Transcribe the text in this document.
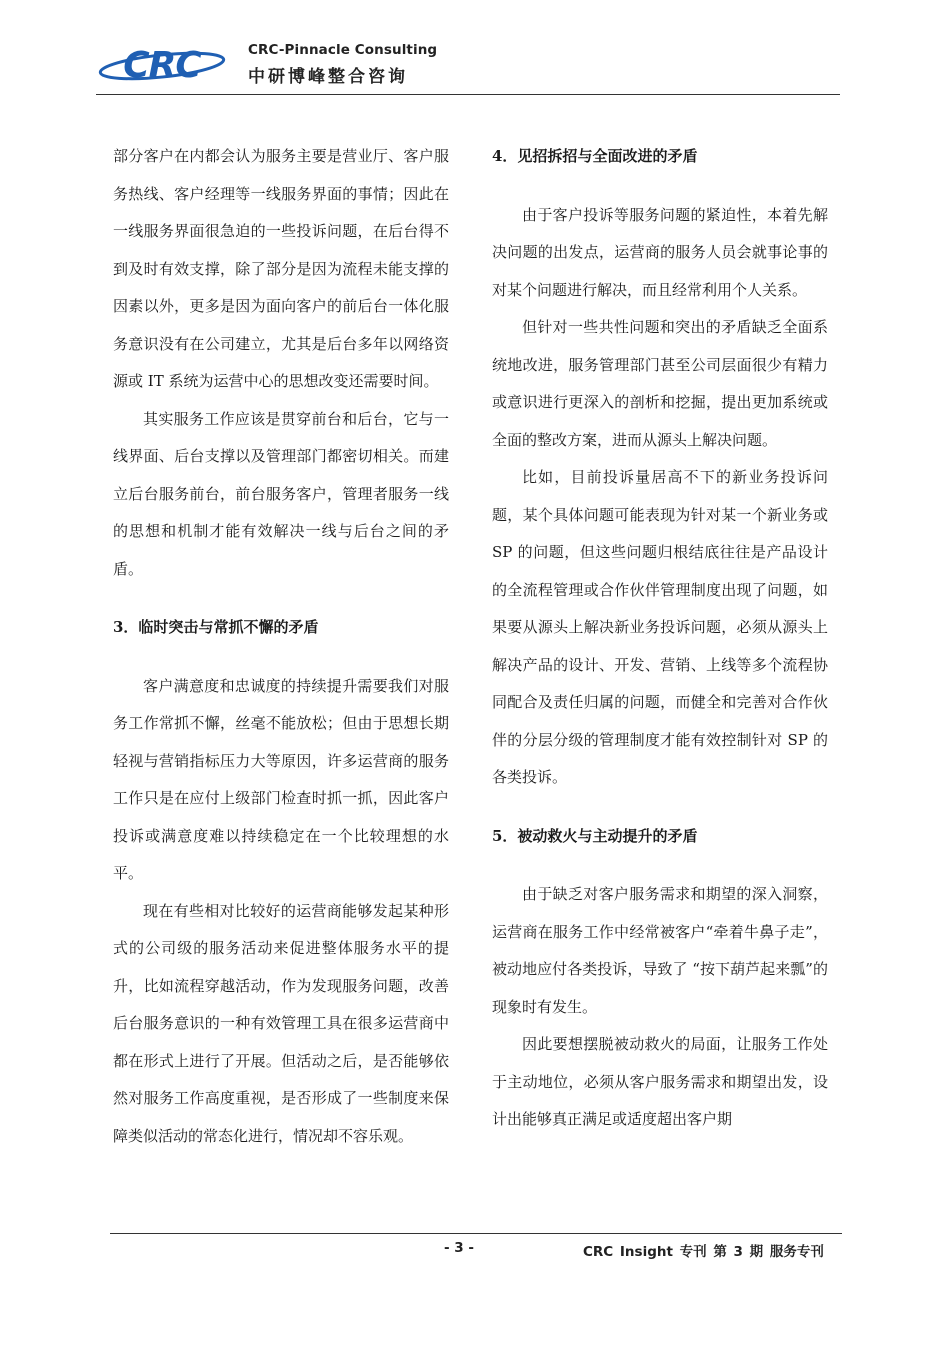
CRC	CRC-Pinnacle Consulting
中研博峰整合咨询

部分客户在内都会认为服务主要是营业厅、客户服务热线、客户经理等一线服务界面的事情；因此在一线服务界面很急迫的一些投诉问题，在后台得不到及时有效支撑，除了部分是因为流程未能支撑的因素以外，更多是因为面向客户的前后台一体化服务意识没有在公司建立，尤其是后台多年以网络资源或 IT 系统为运营中心的思想改变还需要时间。

其实服务工作应该是贯穿前台和后台，它与一线界面、后台支撑以及管理部门都密切相关。而建立后台服务前台，前台服务客户，管理者服务一线的思想和机制才能有效解决一线与后台之间的矛盾。

3．临时突击与常抓不懈的矛盾

客户满意度和忠诚度的持续提升需要我们对服务工作常抓不懈，丝毫不能放松；但由于思想长期轻视与营销指标压力大等原因，许多运营商的服务工作只是在应付上级部门检查时抓一抓，因此客户投诉或满意度难以持续稳定在一个比较理想的水平。

现在有些相对比较好的运营商能够发起某种形式的公司级的服务活动来促进整体服务水平的提升，比如流程穿越活动，作为发现服务问题，改善后台服务意识的一种有效管理工具在很多运营商中都在形式上进行了开展。但活动之后，是否能够依然对服务工作高度重视，是否形成了一些制度来保障类似活动的常态化进行，情况却不容乐观。

4．见招拆招与全面改进的矛盾

由于客户投诉等服务问题的紧迫性，本着先解决问题的出发点，运营商的服务人员会就事论事的对某个问题进行解决，而且经常利用个人关系。

但针对一些共性问题和突出的矛盾缺乏全面系统地改进，服务管理部门甚至公司层面很少有精力或意识进行更深入的剖析和挖掘，提出更加系统或全面的整改方案，进而从源头上解决问题。

比如，目前投诉量居高不下的新业务投诉问题，某个具体问题可能表现为针对某一个新业务或 SP 的问题，但这些问题归根结底往往是产品设计的全流程管理或合作伙伴管理制度出现了问题，如果要从源头上解决新业务投诉问题，必须从源头上解决产品的设计、开发、营销、上线等多个流程协同配合及责任归属的问题，而健全和完善对合作伙伴的分层分级的管理制度才能有效控制针对 SP 的各类投诉。

5．被动救火与主动提升的矛盾

由于缺乏对客户服务需求和期望的深入洞察，运营商在服务工作中经常被客户“牵着牛鼻子走”，被动地应付各类投诉，导致了 “按下葫芦起来瓢”的现象时有发生。

因此要想摆脱被动救火的局面，让服务工作处于主动地位，必须从客户服务需求和期望出发，设计出能够真正满足或适度超出客户期

- 3 -	CRC Insight 专刊 第 3 期 服务专刊
